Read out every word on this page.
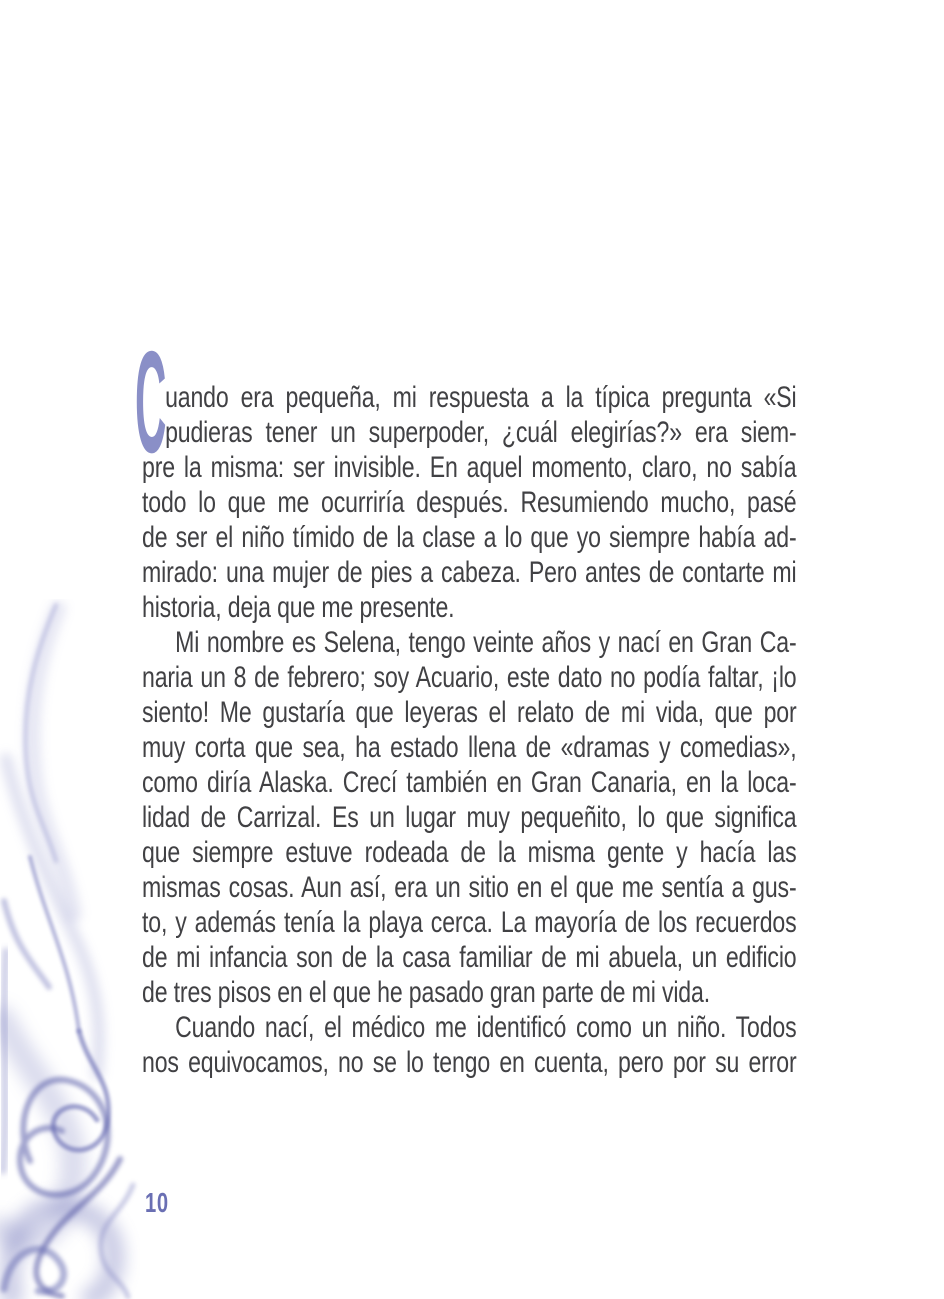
C
uando era pequeña, mi respuesta a la típica pregunta «Si
pudieras tener un superpoder, ¿cuál elegirías?» era siem-
pre la misma: ser invisible. En aquel momento, claro, no sabía
todo lo que me ocurriría después. Resumiendo mucho, pasé
de ser el niño tímido de la clase a lo que yo siempre había ad-
mirado: una mujer de pies a cabeza. Pero antes de contarte mi
historia, deja que me presente.
Mi nombre es Selena, tengo veinte años y nací en Gran Ca-
naria un 8 de febrero; soy Acuario, este dato no podía faltar, ¡lo
siento! Me gustaría que leyeras el relato de mi vida, que por
muy corta que sea, ha estado llena de «dramas y comedias»,
como diría Alaska. Crecí también en Gran Canaria, en la loca-
lidad de Carrizal. Es un lugar muy pequeñito, lo que significa
que siempre estuve rodeada de la misma gente y hacía las
mismas cosas. Aun así, era un sitio en el que me sentía a gus-
to, y además tenía la playa cerca. La mayoría de los recuerdos
de mi infancia son de la casa familiar de mi abuela, un edificio
de tres pisos en el que he pasado gran parte de mi vida.
Cuando nací, el médico me identificó como un niño. Todos
nos equivocamos, no se lo tengo en cuenta, pero por su error
10
